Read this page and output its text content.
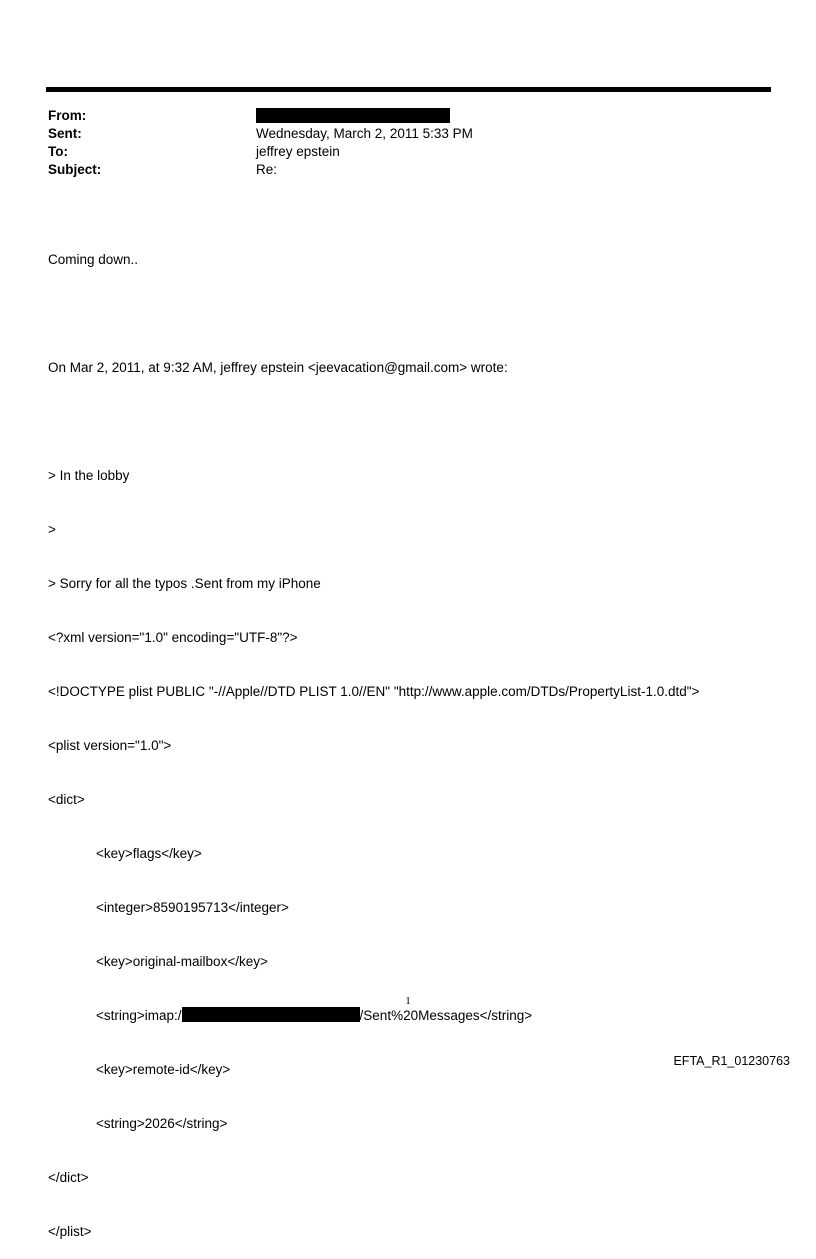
From:
Sent:	Wednesday, March 2, 2011 5:33 PM
To:	jeffrey epstein
Subject:	Re:

Coming down..

On Mar 2, 2011, at 9:32 AM, jeffrey epstein <jeevacation@gmail.com> wrote:

> In the lobby

>

> Sorry for all the typos .Sent from my iPhone

<?xml version="1.0" encoding="UTF-8"?>

<!DOCTYPE plist PUBLIC "-//Apple//DTD PLIST 1.0//EN" "http://www.apple.com/DTDs/PropertyList-1.0.dtd">

<plist version="1.0">

<dict>

<key>flags</key>

<integer>8590195713</integer>

<key>original-mailbox</key>

<string>imap:/	/Sent%20Messages</string>

<key>remote-id</key>

<string>2026</string>

</dict>

</plist>

1
EFTA_R1_01230763
